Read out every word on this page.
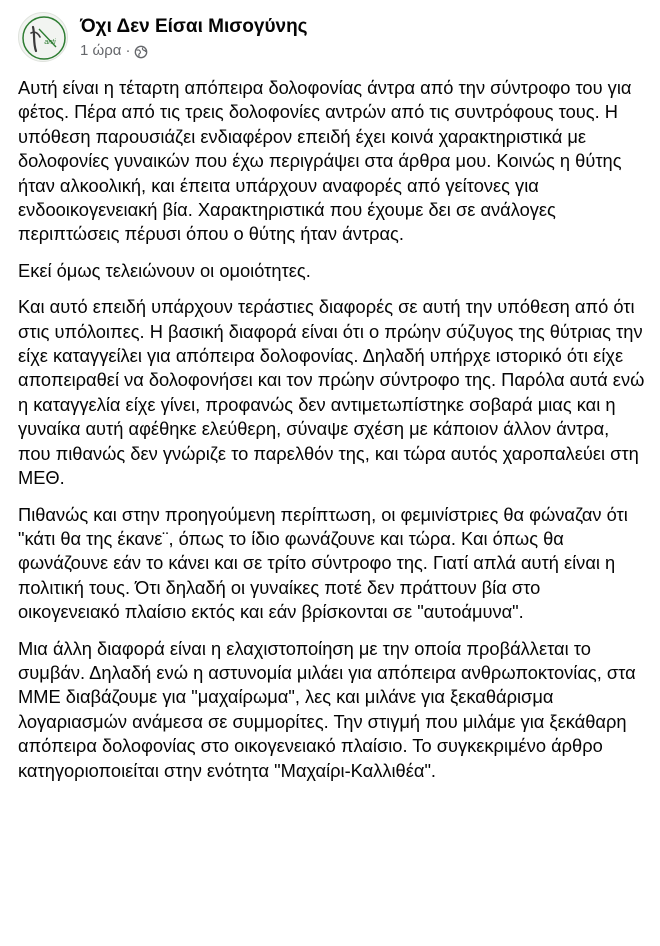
anti
Όχι Δεν Είσαι Μισογύνης
1 ώρα ·

Αυτή είναι η τέταρτη απόπειρα δολοφονίας άντρα από την σύντροφο του για φέτος. Πέρα από τις τρεις δολοφονίες αντρών από τις συντρόφους τους. Η υπόθεση παρουσιάζει ενδιαφέρον επειδή έχει κοινά χαρακτηριστικά με δολοφονίες γυναικών που έχω περιγράψει στα άρθρα μου. Κοινώς η θύτης ήταν αλκοολική, και έπειτα υπάρχουν αναφορές από γείτονες για ενδοοικογενειακή βία. Χαρακτηριστικά που έχουμε δει σε ανάλογες περιπτώσεις πέρυσι όπου ο θύτης ήταν άντρας.

Εκεί όμως τελειώνουν οι ομοιότητες.

Και αυτό επειδή υπάρχουν τεράστιες διαφορές σε αυτή την υπόθεση από ότι στις υπόλοιπες. Η βασική διαφορά είναι ότι ο πρώην σύζυγος της θύτριας την είχε καταγγείλει για απόπειρα δολοφονίας. Δηλαδή υπήρχε ιστορικό ότι είχε αποπειραθεί να δολοφονήσει και τον πρώην σύντροφο της. Παρόλα αυτά ενώ η καταγγελία είχε γίνει, προφανώς δεν αντιμετωπίστηκε σοβαρά μιας και η γυναίκα αυτή αφέθηκε ελεύθερη, σύναψε σχέση με κάποιον άλλον άντρα, που πιθανώς δεν γνώριζε το παρελθόν της, και τώρα αυτός χαροπαλεύει στη ΜΕΘ.

Πιθανώς και στην προηγούμενη περίπτωση, οι φεμινίστριες θα φώναζαν ότι "κάτι θα της έκανε¨, όπως το ίδιο φωνάζουνε και τώρα. Και όπως θα φωνάζουνε εάν το κάνει και σε τρίτο σύντροφο της. Γιατί απλά αυτή είναι η πολιτική τους. Ότι δηλαδή οι γυναίκες ποτέ δεν πράττουν βία στο οικογενειακό πλαίσιο εκτός και εάν βρίσκονται σε "αυτοάμυνα".

Μια άλλη διαφορά είναι η ελαχιστοποίηση με την οποία προβάλλεται το συμβάν. Δηλαδή ενώ η αστυνομία μιλάει για απόπειρα ανθρωποκτονίας, στα ΜΜΕ διαβάζουμε για "μαχαίρωμα", λες και μιλάνε για ξεκαθάρισμα λογαριασμών ανάμεσα σε συμμορίτες. Την στιγμή που μιλάμε για ξεκάθαρη απόπειρα δολοφονίας στο οικογενειακό πλαίσιο. Το συγκεκριμένο άρθρο κατηγοριοποιείται στην ενότητα "Μαχαίρι-Καλλιθέα".
